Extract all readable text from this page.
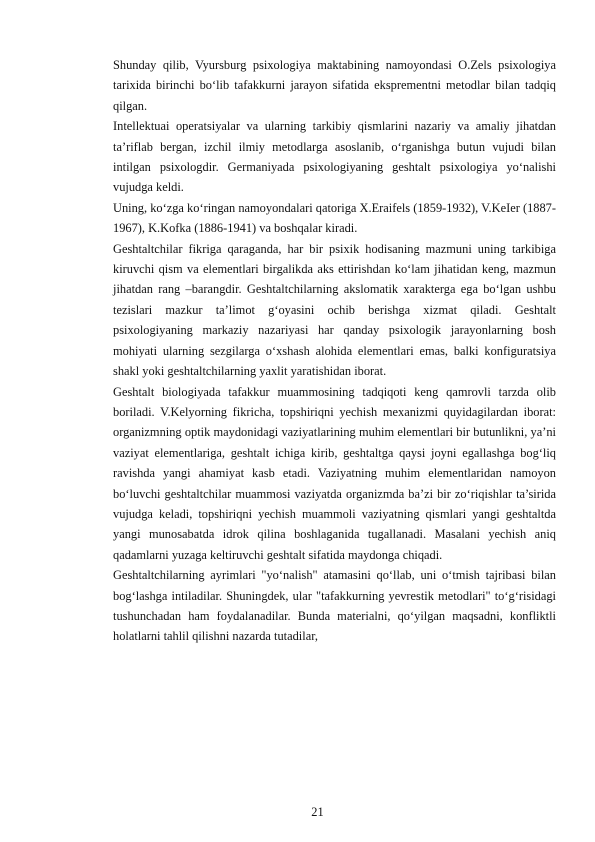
Shunday qilib, Vyursburg psixologiya maktabining namoyondasi O.Zels psixologiya tarixida birinchi bo‘lib tafakkurni jarayon sifatida eksprementni metodlar bilan tadqiq qilgan.

Intellektuai operatsiyalar va ularning tarkibiy qismlarini nazariy va amaliy jihatdan ta’riflab bergan, izchil ilmiy metodlarga asoslanib, o‘rganishga butun vujudi bilan intilgan psixologdir. Germaniyada psixologiyaning geshtalt psixologiya yo‘nalishi vujudga keldi.

Uning, ko‘zga ko‘ringan namoyondalari qatoriga X.Eraifels (1859-1932), V.KeIer (1887-1967), K.Kofka (1886-1941) va boshqalar kiradi.

Geshtaltchilar fikriga qaraganda, har bir psixik hodisaning mazmuni uning tarkibiga kiruvchi qism va elementlari birgalikda aks ettirishdan ko‘lam jihatidan keng, mazmun jihatdan rang –barangdir. Geshtaltchilarning akslomatik xarakterga ega bo‘lgan ushbu tezislari mazkur ta’limot g‘oyasini ochib berishga xizmat qiladi. Geshtalt psixologiyaning markaziy nazariyasi har qanday psixologik jarayonlarning bosh mohiyati ularning sezgilarga o‘xshash alohida elementlari emas, balki konfiguratsiya shakl yoki geshtaltchilarning yaxlit yaratishidan iborat.

Geshtalt biologiyada tafakkur muammosining tadqiqoti keng qamrovli tarzda olib boriladi. V.Kelyorning fikricha, topshiriqni yechish mexanizmi quyidagilardan iborat: organizmning optik maydonidagi vaziyatlarining muhim elementlari bir butunlikni, ya’ni vaziyat elementlariga, geshtalt ichiga kirib, geshtaltga qaysi joyni egallashga bog‘liq ravishda yangi ahamiyat kasb etadi. Vaziyatning muhim elementlaridan namoyon bo‘luvchi geshtaltchilar muammosi vaziyatda organizmda ba’zi bir zo‘riqishlar ta’sirida vujudga keladi, topshiriqni yechish muammoli vaziyatning qismlari yangi geshtaltda yangi munosabatda idrok qilina boshlaganida tugallanadi. Masalani yechish aniq qadamlarni yuzaga keltiruvchi geshtalt sifatida maydonga chiqadi.

Geshtaltchilarning ayrimlari "yo‘nalish" atamasini qo‘llab, uni o‘tmish tajribasi bilan bog‘lashga intiladilar. Shuningdek, ular "tafakkurning yevrestik metodlari" to‘g‘risidagi tushunchadan ham foydalanadilar. Bunda materialni, qo‘yilgan maqsadni, konfliktli holatlarni tahlil qilishni nazarda tutadilar,

21
